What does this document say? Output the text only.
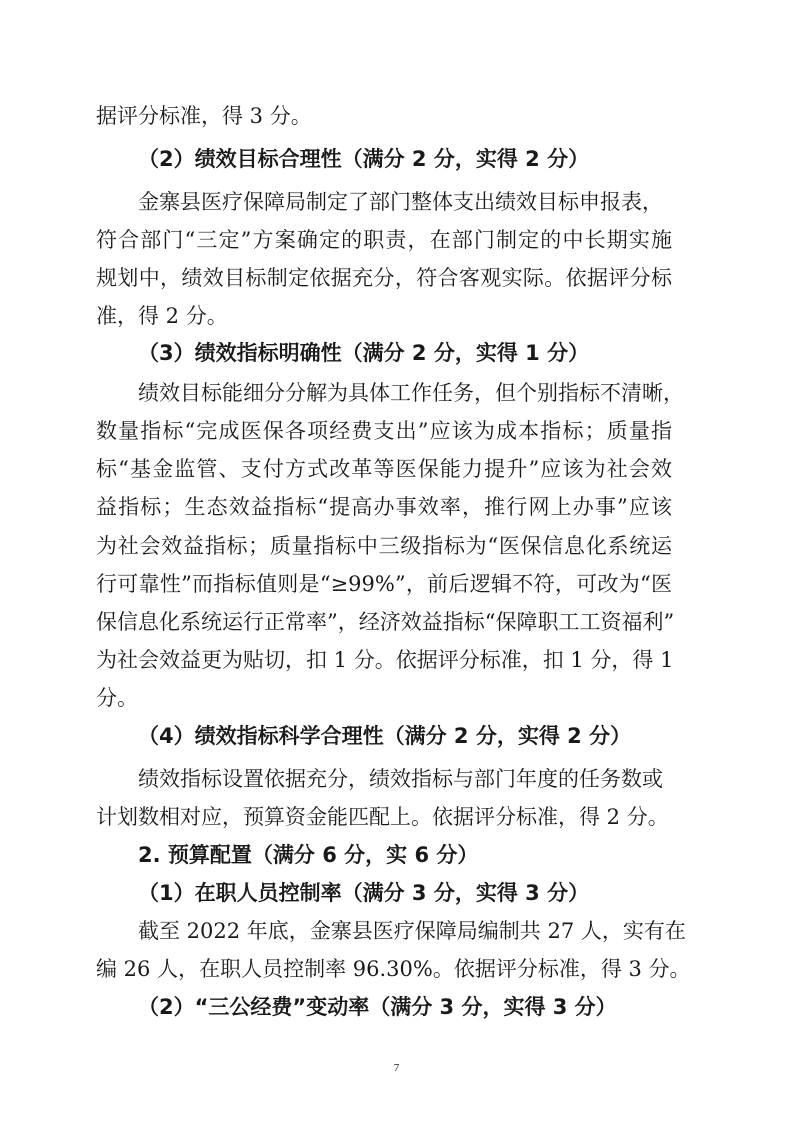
据评分标准，得 3 分。
（2）绩效目标合理性（满分 2 分，实得 2 分）
金寨县医疗保障局制定了部门整体支出绩效目标申报表，
符合部门“三定”方案确定的职责，在部门制定的中长期实施
规划中，绩效目标制定依据充分，符合客观实际。依据评分标
准，得 2 分。
（3）绩效指标明确性（满分 2 分，实得 1 分）
绩效目标能细分分解为具体工作任务，但个别指标不清晰，
数量指标“完成医保各项经费支出”应该为成本指标；质量指
标“基金监管、支付方式改革等医保能力提升”应该为社会效
益指标；生态效益指标“提高办事效率，推行网上办事”应该
为社会效益指标；质量指标中三级指标为“医保信息化系统运
行可靠性”而指标值则是“≥99%”，前后逻辑不符，可改为“医
保信息化系统运行正常率”，经济效益指标“保障职工工资福利”
为社会效益更为贴切，扣 1 分。依据评分标准，扣 1 分，得 1
分。
（4）绩效指标科学合理性（满分 2 分，实得 2 分）
绩效指标设置依据充分，绩效指标与部门年度的任务数或
计划数相对应，预算资金能匹配上。依据评分标准，得 2 分。
2. 预算配置（满分 6 分，实 6 分）
（1）在职人员控制率（满分 3 分，实得 3 分）
截至 2022 年底，金寨县医疗保障局编制共 27 人，实有在
编 26 人，在职人员控制率 96.30%。依据评分标准，得 3 分。
（2）“三公经费”变动率（满分 3 分，实得 3 分）
7
